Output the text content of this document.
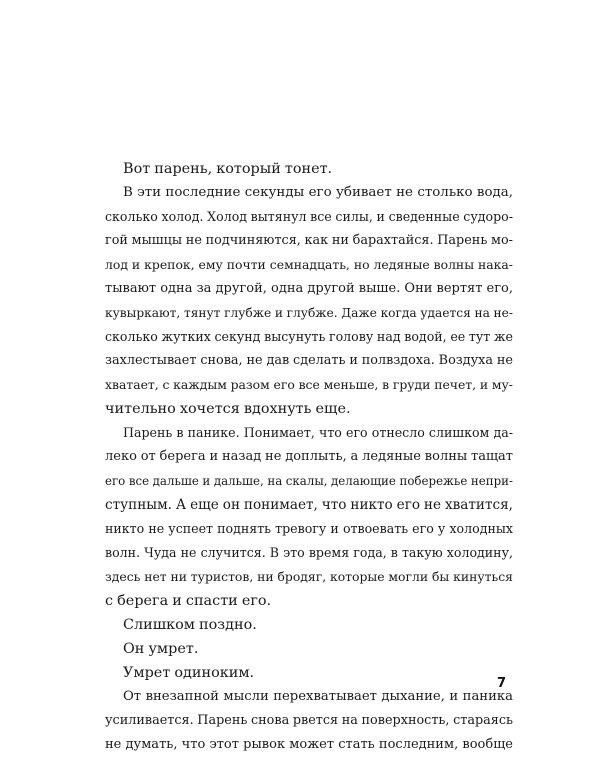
Вот парень, который тонет.

В эти последние секунды его убивает не столько вода,

сколько холод. Холод вытянул все силы, и сведенные судоро-

гой мышцы не подчиняются, как ни барахтайся. Парень мо-

лод и крепок, ему почти семнадцать, но ледяные волны нака-

тывают одна за другой, одна другой выше. Они вертят его,

кувыркают, тянут глубже и глубже. Даже когда удается на не-

сколько жутких секунд высунуть голову над водой, ее тут же

захлестывает снова, не дав сделать и полвздоха. Воздуха не

хватает, с каждым разом его все меньше, в груди печет, и му-

чительно хочется вдохнуть еще.

Парень в панике. Понимает, что его отнесло слишком да-

леко от берега и назад не доплыть, а ледяные волны тащат

его все дальше и дальше, на скалы, делающие побережье непри-

ступным. А еще он понимает, что никто его не хватится,

никто не успеет поднять тревогу и отвоевать его у холодных

волн. Чуда не случится. В это время года, в такую холодину,

здесь нет ни туристов, ни бродяг, которые могли бы кинуться

с берега и спасти его.

Слишком поздно.

Он умрет.

Умрет одиноким.

От внезапной мысли перехватывает дыхание, и паника

усиливается. Парень снова рвется на поверхность, стараясь

не думать, что этот рывок может стать последним, вообще

7
